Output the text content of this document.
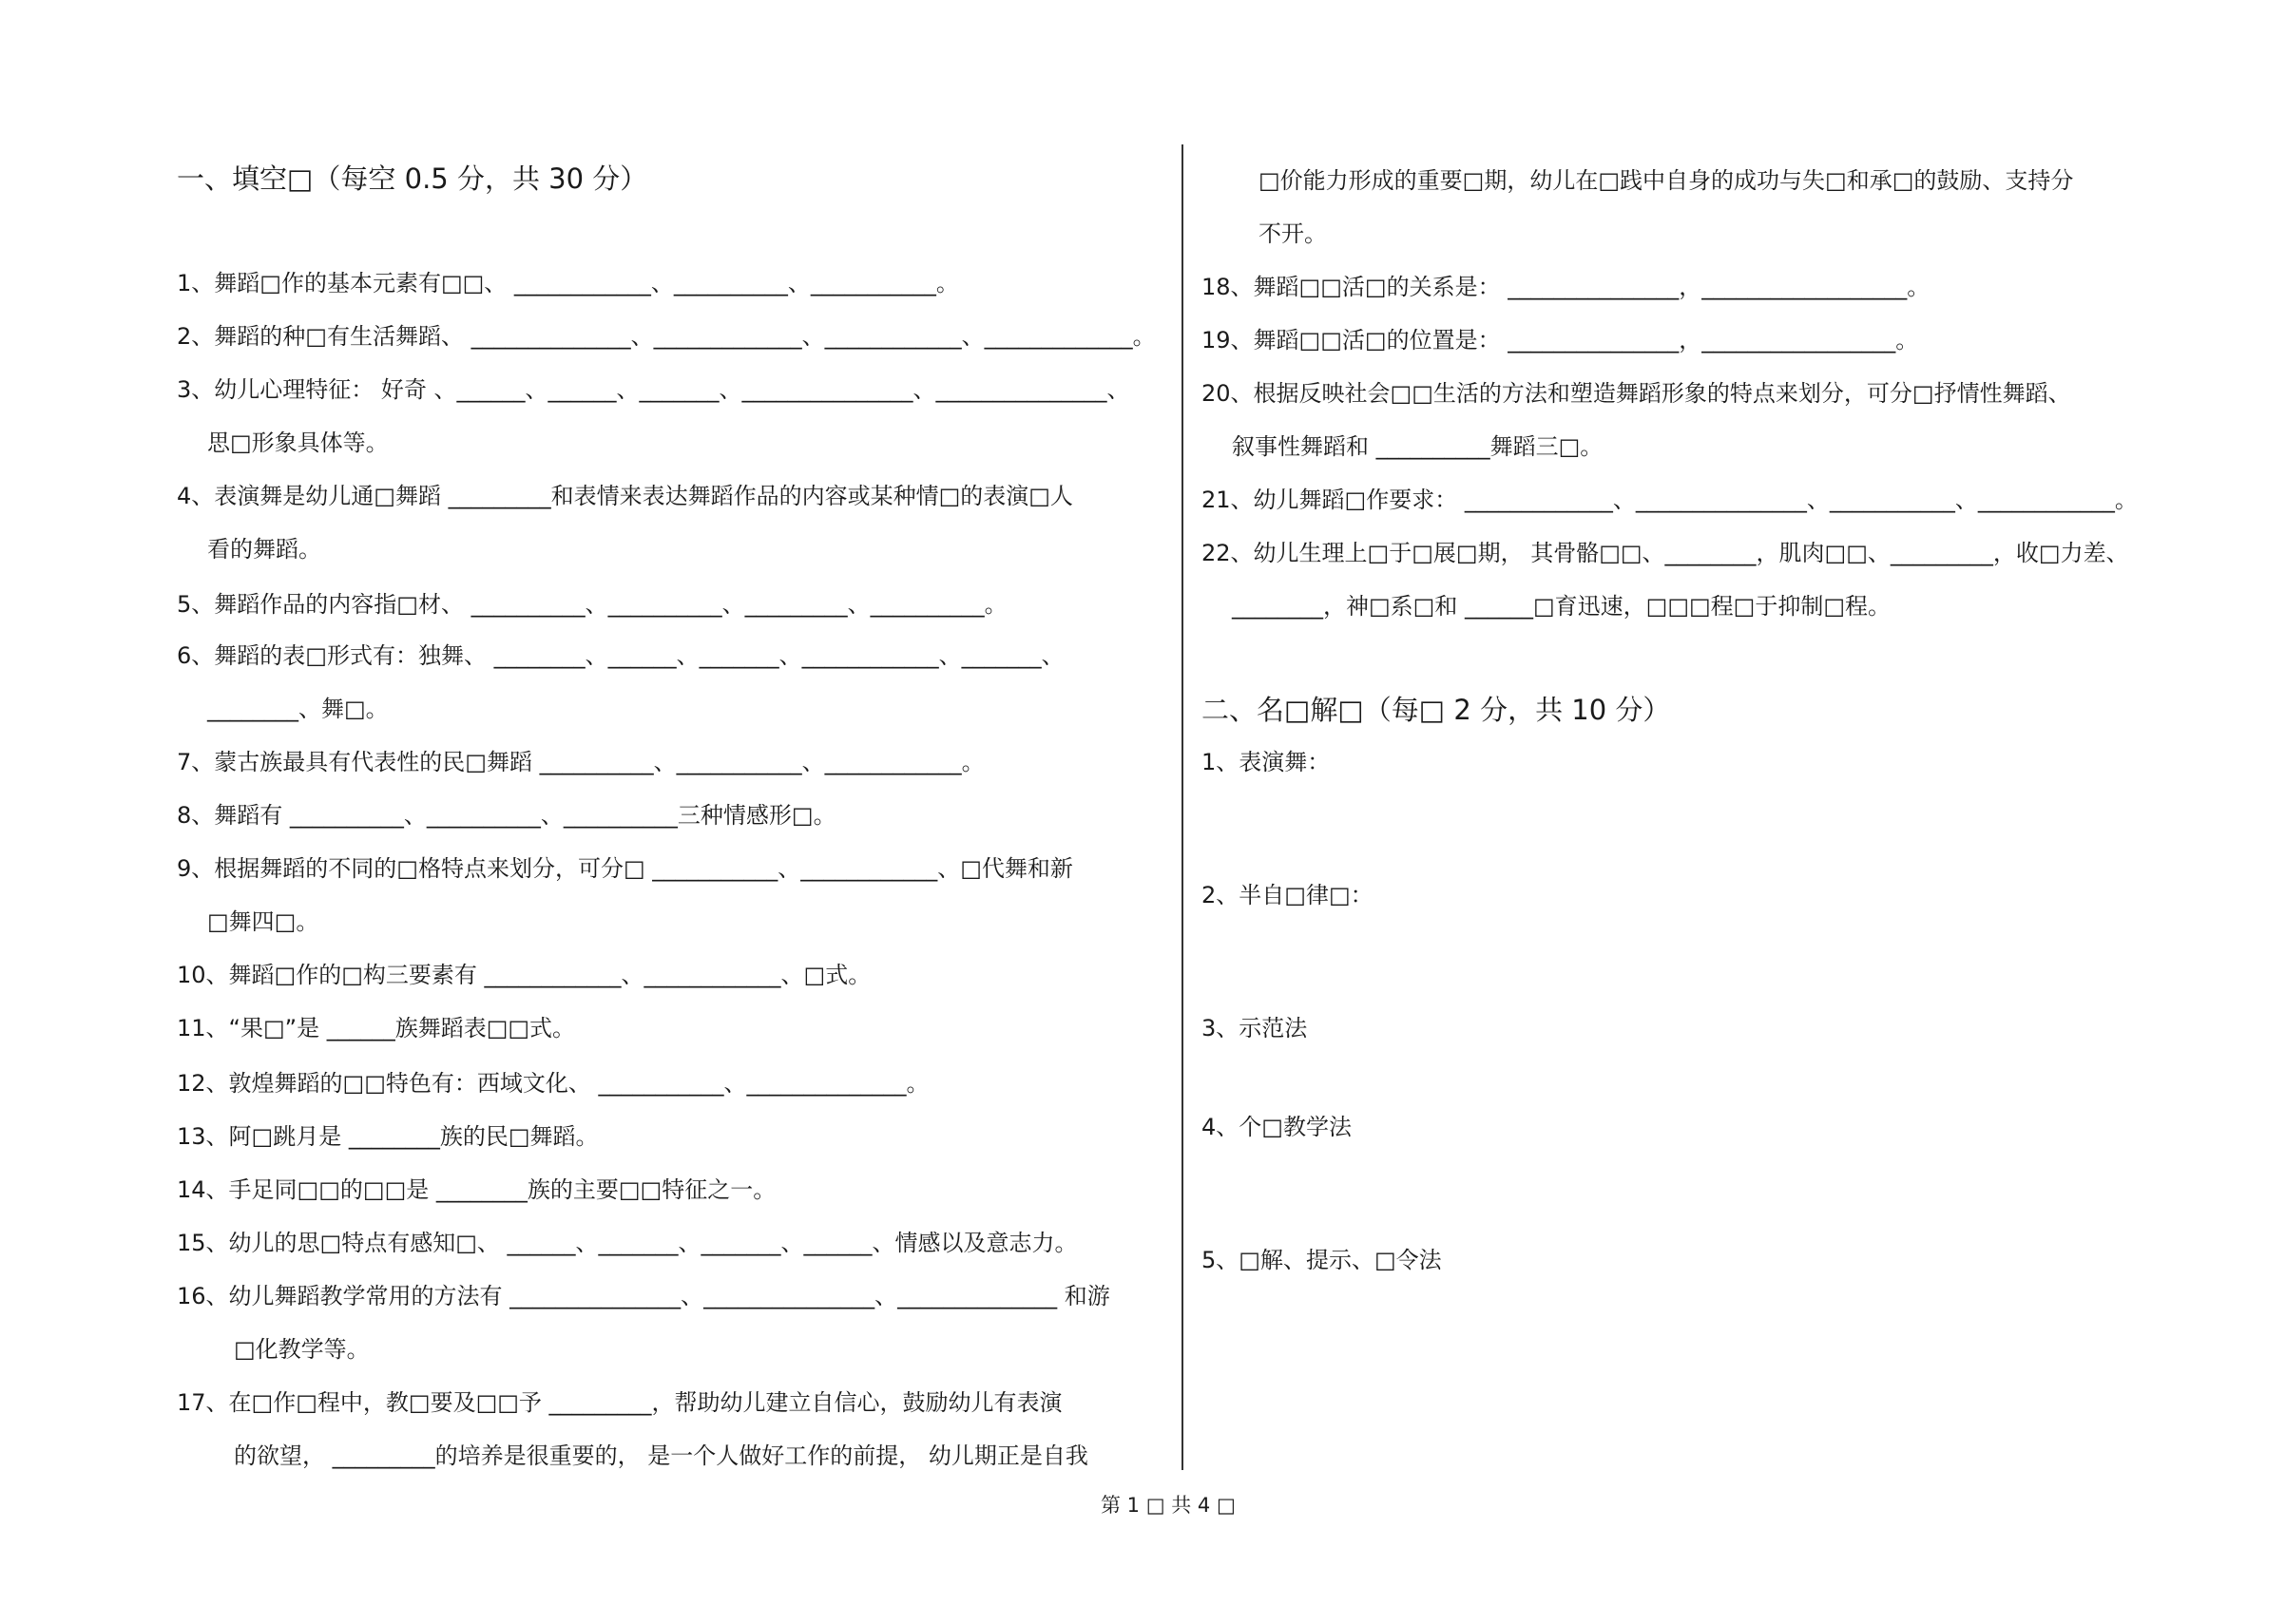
一、填空□（每空 0.5 分，共 30 分）
1、舞蹈□作的基本元素有□□、 ____________、__________、___________。
2、舞蹈的种□有生活舞蹈、 ______________、_____________、____________、_____________。
3、幼儿心理特征： 好奇 、______、______、_______、_______________、_______________、
思□形象具体等。
4、表演舞是幼儿通□舞蹈 _________和表情来表达舞蹈作品的内容或某种情□的表演□人
看的舞蹈。
5、舞蹈作品的内容指□材、 __________、__________、_________、__________。
6、舞蹈的表□形式有：独舞、 ________、______、_______、____________、_______、
________、舞□。
7、蒙古族最具有代表性的民□舞蹈 __________、___________、____________。
8、舞蹈有 __________、__________、__________三种情感形□。
9、根据舞蹈的不同的□格特点来划分，可分□ ___________、____________、□代舞和新
□舞四□。
10、舞蹈□作的□构三要素有 ____________、____________、□式。
11、“果□”是 ______族舞蹈表□□式。
12、敦煌舞蹈的□□特色有：西域文化、 ___________、______________。
13、阿□跳月是 ________族的民□舞蹈。
14、手足同□□的□□是 ________族的主要□□特征之一。
15、幼儿的思□特点有感知□、 ______、_______、_______、______、情感以及意志力。
16、幼儿舞蹈教学常用的方法有 _______________、_______________、______________ 和游
□化教学等。
17、在□作□程中，教□要及□□予 _________，帮助幼儿建立自信心，鼓励幼儿有表演
的欲望， _________的培养是很重要的， 是一个人做好工作的前提， 幼儿期正是自我
□价能力形成的重要□期，幼儿在□践中自身的成功与失□和承□的鼓励、支持分
不开。
18、舞蹈□□活□的关系是： _______________，__________________。
19、舞蹈□□活□的位置是： _______________，_________________。
20、根据反映社会□□生活的方法和塑造舞蹈形象的特点来划分，可分□抒情性舞蹈、
叙事性舞蹈和 __________舞蹈三□。
21、幼儿舞蹈□作要求： _____________、_______________、___________、____________。
22、幼儿生理上□于□展□期， 其骨骼□□、________，肌肉□□、_________，收□力差、
________，神□系□和 ______□育迅速，□□□程□于抑制□程。
二、名□解□（每□ 2 分，共 10 分）
1、表演舞：
2、半自□律□：
3、示范法
4、个□教学法
5、□解、提示、□令法
第 1 □ 共 4 □
